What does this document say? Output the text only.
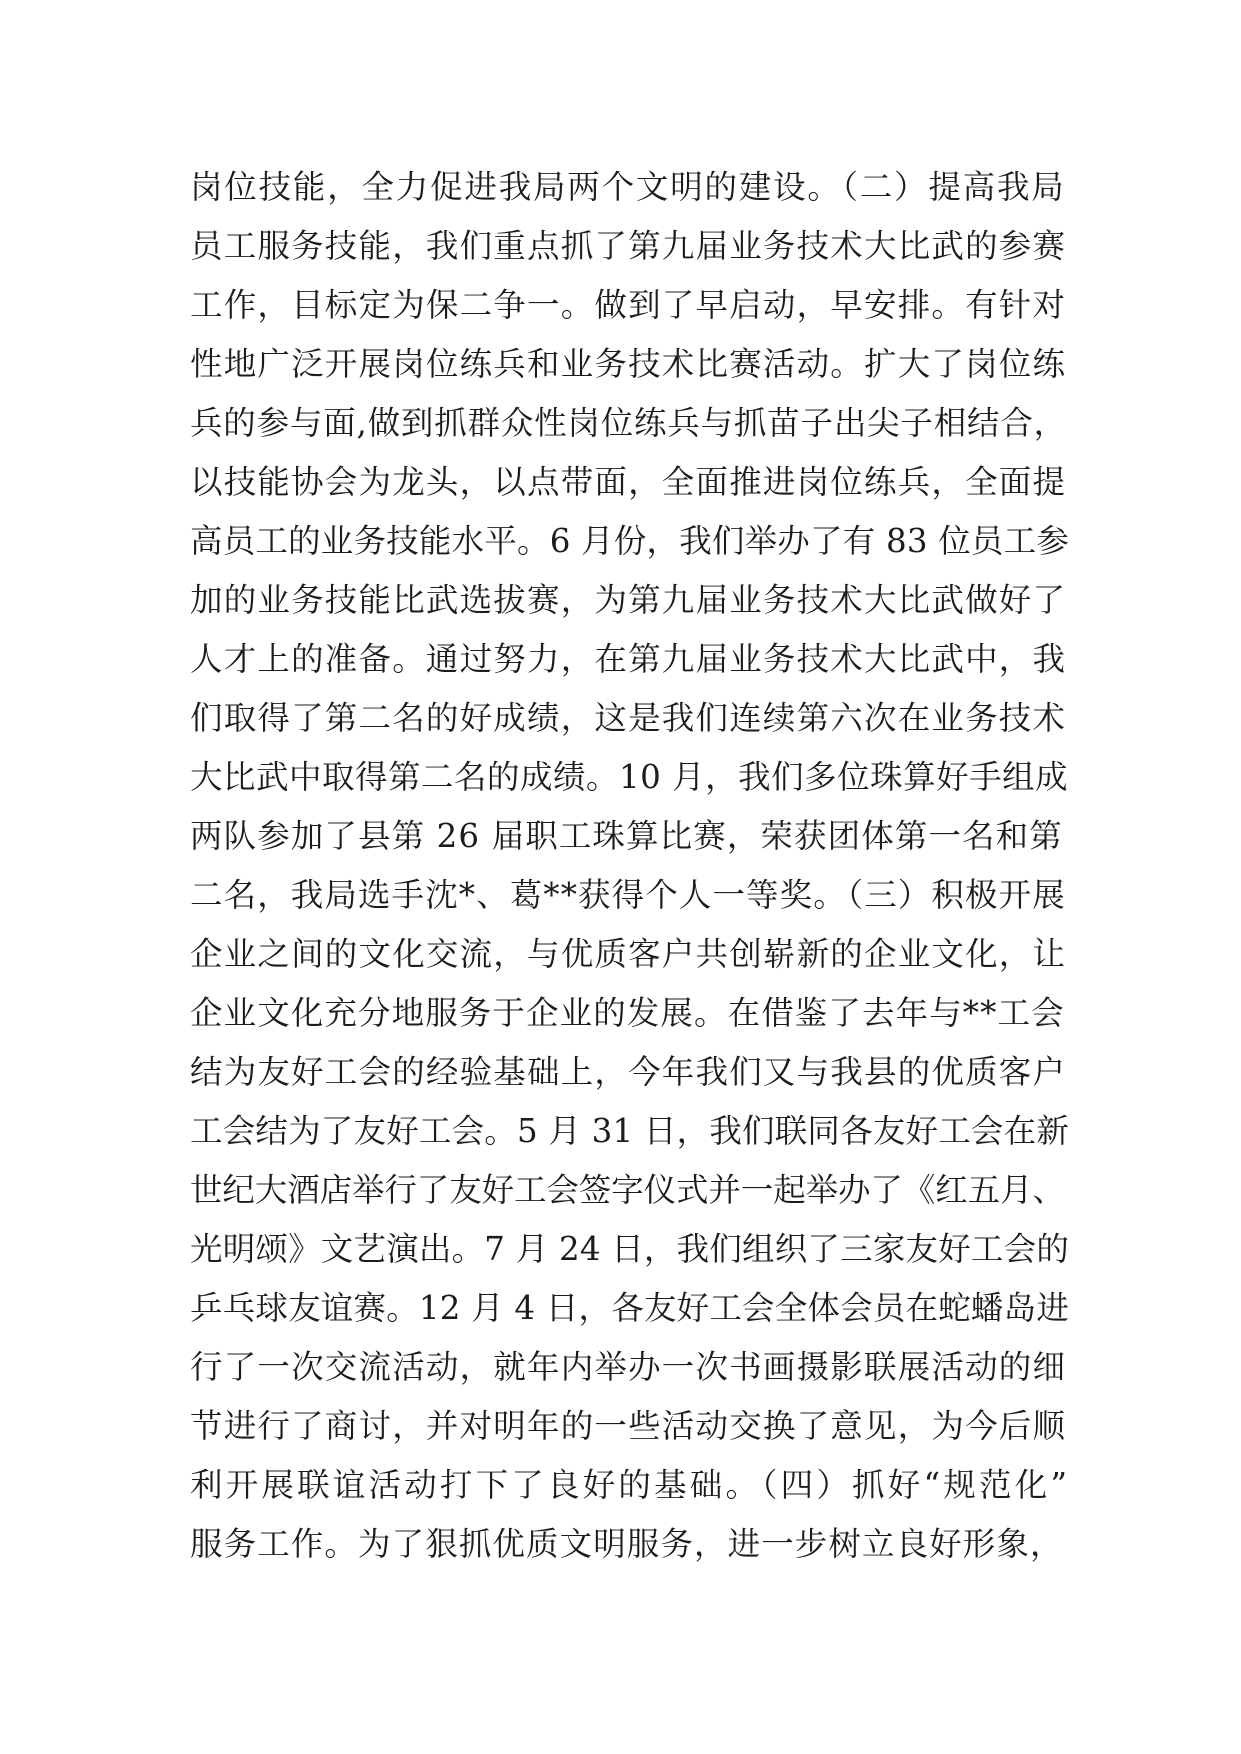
岗位技能，全力促进我局两个文明的建设。（二）提高我局
员工服务技能，我们重点抓了第九届业务技术大比武的参赛
工作，目标定为保二争一。做到了早启动，早安排。有针对
性地广泛开展岗位练兵和业务技术比赛活动。扩大了岗位练
兵的参与面,做到抓群众性岗位练兵与抓苗子出尖子相结合，
以技能协会为龙头，以点带面，全面推进岗位练兵，全面提
高员工的业务技能水平。6 月份，我们举办了有 83 位员工参
加的业务技能比武选拔赛，为第九届业务技术大比武做好了
人才上的准备。通过努力，在第九届业务技术大比武中，我
们取得了第二名的好成绩，这是我们连续第六次在业务技术
大比武中取得第二名的成绩。10 月，我们多位珠算好手组成
两队参加了县第 26 届职工珠算比赛，荣获团体第一名和第
二名，我局选手沈*、葛**获得个人一等奖。（三）积极开展
企业之间的文化交流，与优质客户共创崭新的企业文化，让
企业文化充分地服务于企业的发展。在借鉴了去年与**工会
结为友好工会的经验基础上，今年我们又与我县的优质客户
工会结为了友好工会。5 月 31 日，我们联同各友好工会在新
世纪大酒店举行了友好工会签字仪式并一起举办了《红五月、
光明颂》文艺演出。7 月 24 日，我们组织了三家友好工会的
乒乓球友谊赛。12 月 4 日，各友好工会全体会员在蛇蟠岛进
行了一次交流活动，就年内举办一次书画摄影联展活动的细
节进行了商讨，并对明年的一些活动交换了意见，为今后顺
利开展联谊活动打下了良好的基础。（四）抓好“规范化”
服务工作。为了狠抓优质文明服务，进一步树立良好形象，
